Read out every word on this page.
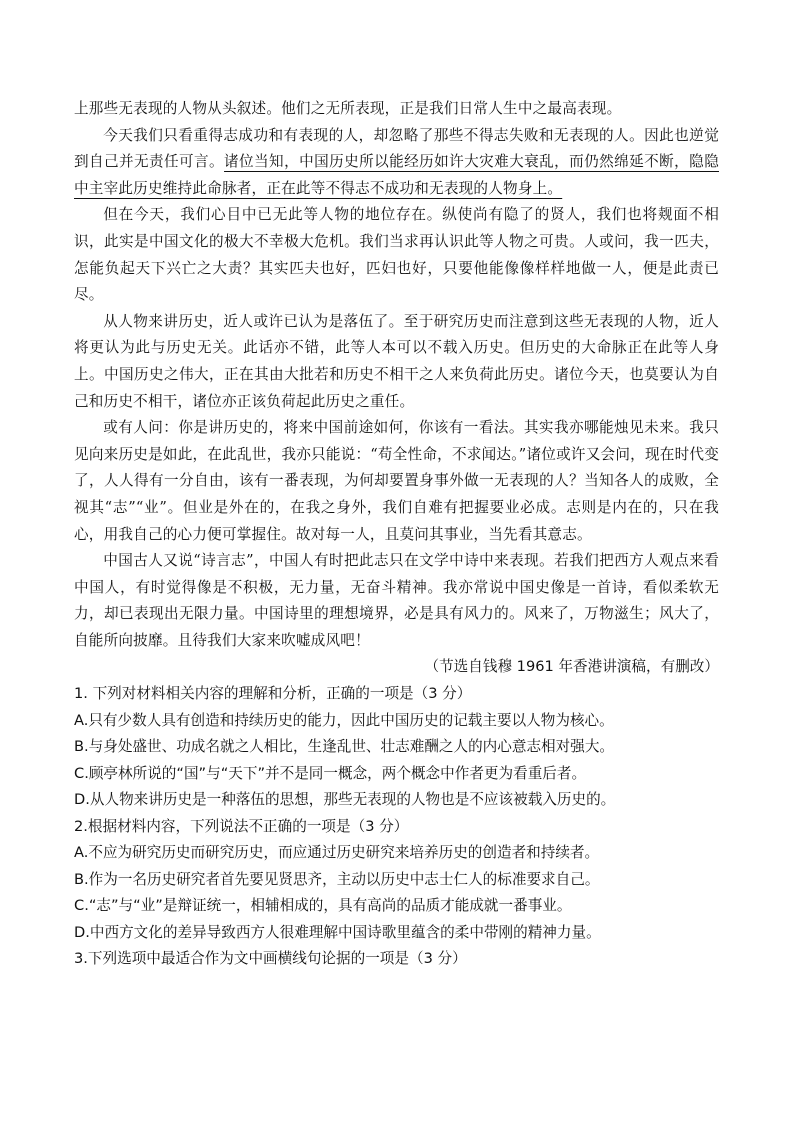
上那些无表现的人物从头叙述。他们之无所表现，正是我们日常人生中之最高表现。

今天我们只看重得志成功和有表现的人，却忽略了那些不得志失败和无表现的人。因此也逆觉到自己并无责任可言。诸位当知，中国历史所以能经历如许大灾难大衰乱，而仍然绵延不断，隐隐中主宰此历史维持此命脉者，正在此等不得志不成功和无表现的人物身上。

但在今天，我们心目中已无此等人物的地位存在。纵使尚有隐了的贤人，我们也将觌面不相识，此实是中国文化的极大不幸极大危机。我们当求再认识此等人物之可贵。人或问，我一匹夫，怎能负起天下兴亡之大责？其实匹夫也好，匹妇也好，只要他能像像样样地做一人，便是此责已尽。

从人物来讲历史，近人或许已认为是落伍了。至于研究历史而注意到这些无表现的人物，近人将更认为此与历史无关。此话亦不错，此等人本可以不载入历史。但历史的大命脉正在此等人身上。中国历史之伟大，正在其由大批若和历史不相干之人来负荷此历史。诸位今天，也莫要认为自己和历史不相干，诸位亦正该负荷起此历史之重任。

或有人问：你是讲历史的，将来中国前途如何，你该有一看法。其实我亦哪能烛见未来。我只见向来历史是如此，在此乱世，我亦只能说：“苟全性命，不求闻达。”诸位或许又会问，现在时代变了，人人得有一分自由，该有一番表现，为何却要置身事外做一无表现的人？当知各人的成败，全视其“志”“业”。但业是外在的，在我之身外，我们自难有把握要业必成。志则是内在的，只在我心，用我自己的心力便可掌握住。故对每一人，且莫问其事业，当先看其意志。

中国古人又说“诗言志”，中国人有时把此志只在文学中诗中来表现。若我们把西方人观点来看中国人，有时觉得像是不积极，无力量，无奋斗精神。我亦常说中国史像是一首诗，看似柔软无力，却已表现出无限力量。中国诗里的理想境界，必是具有风力的。风来了，万物滋生；风大了，自能所向披靡。且待我们大家来吹嘘成风吧！

（节选自钱穆 1961 年香港讲演稿，有删改）

1. 下列对材料相关内容的理解和分析，正确的一项是（3 分）
A.只有少数人具有创造和持续历史的能力，因此中国历史的记载主要以人物为核心。
B.与身处盛世、功成名就之人相比，生逢乱世、壮志难酬之人的内心意志相对强大。
C.顾亭林所说的“国”与“天下”并不是同一概念，两个概念中作者更为看重后者。
D.从人物来讲历史是一种落伍的思想，那些无表现的人物也是不应该被载入历史的。
2.根据材料内容，下列说法不正确的一项是（3 分）
A.不应为研究历史而研究历史，而应通过历史研究来培养历史的创造者和持续者。
B.作为一名历史研究者首先要见贤思齐，主动以历史中志士仁人的标准要求自己。
C.“志”与“业”是辩证统一，相辅相成的，具有高尚的品质才能成就一番事业。
D.中西方文化的差异导致西方人很难理解中国诗歌里蕴含的柔中带刚的精神力量。
3.下列选项中最适合作为文中画横线句论据的一项是（3 分）
